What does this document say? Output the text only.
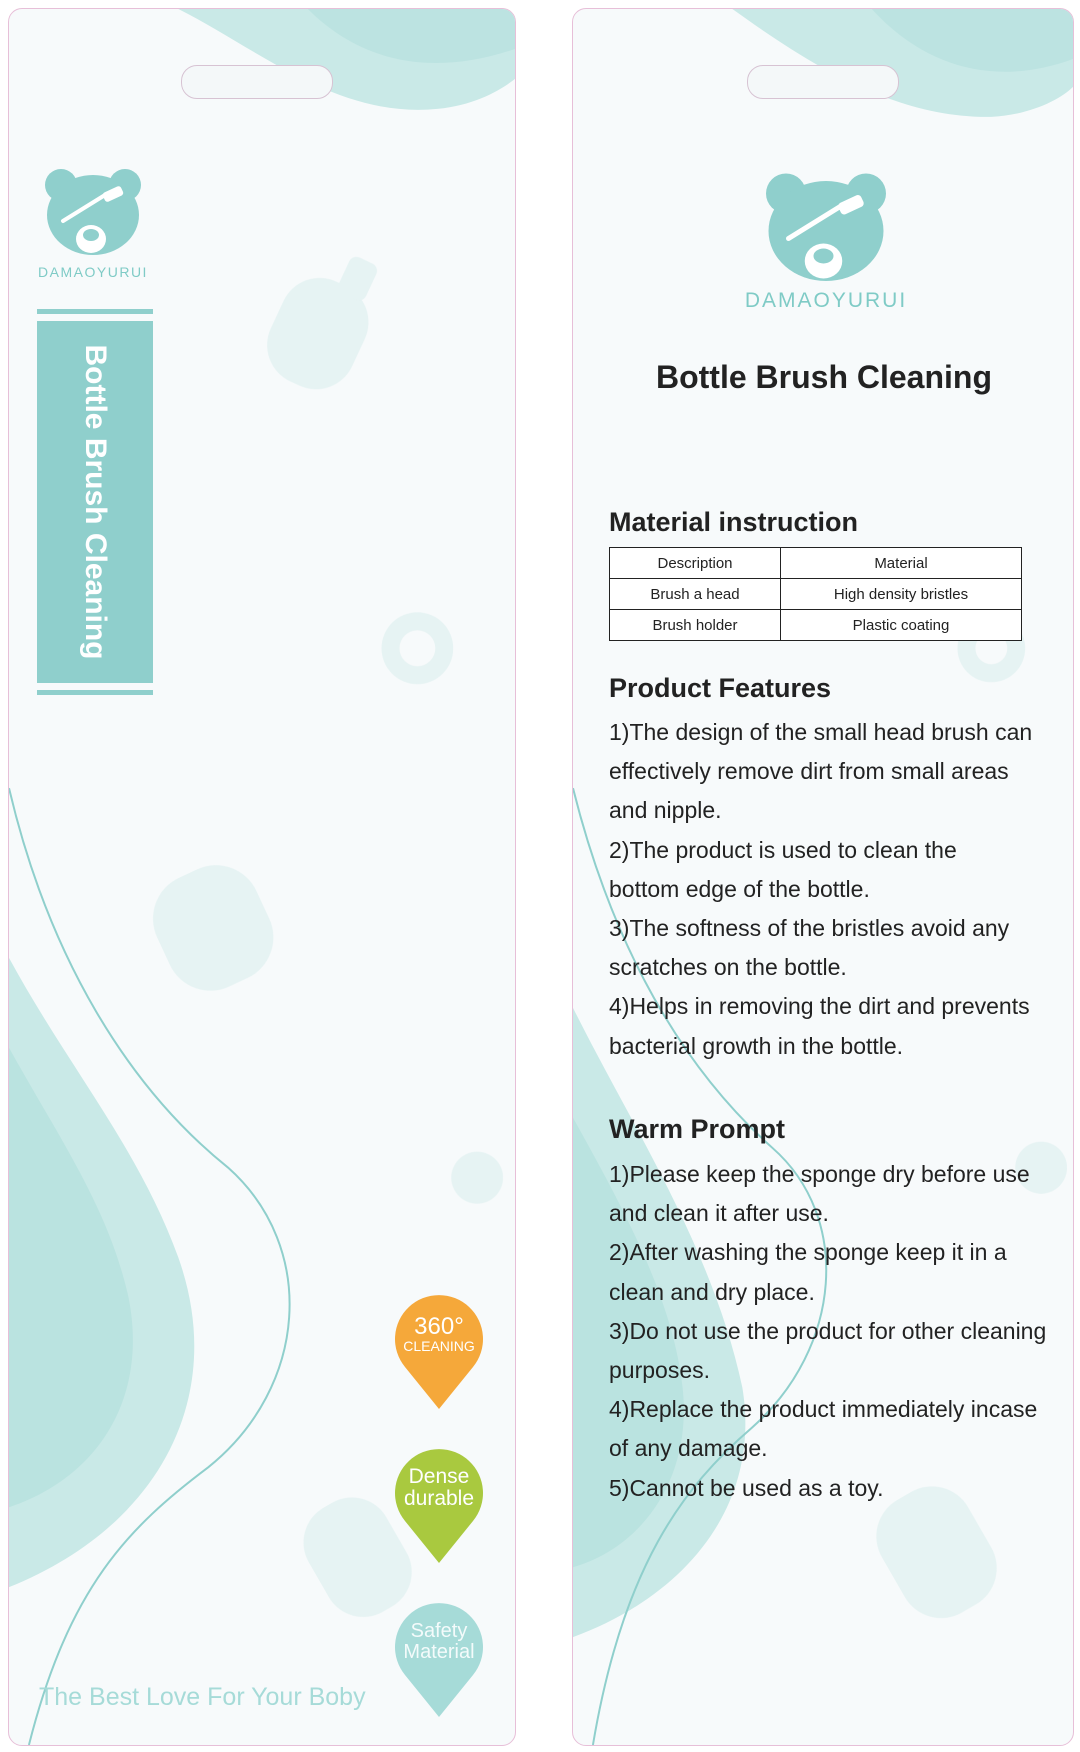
DAMAOYURUI
Bottle Brush Cleaning
360°
CLEANING
Dense
durable
Safety
Material
The Best Love For Your Boby
DAMAOYURUI
Bottle Brush Cleaning
Material instruction
Description	Material
Brush a head	High density bristles
Brush holder	Plastic coating
Product Features
1)The design of the small head brush can
effectively remove dirt from small areas
and nipple.
2)The product is used to clean the
bottom edge of the bottle.
3)The softness of the bristles avoid any
scratches on the bottle.
4)Helps in removing the dirt and prevents
bacterial growth in the bottle.
Warm Prompt
1)Please keep the sponge dry before use
and clean it after use.
2)After washing the sponge keep it in a
clean and dry place.
3)Do not use the product for other cleaning
purposes.
4)Replace the product immediately incase
of any damage.
5)Cannot be used as a toy.
